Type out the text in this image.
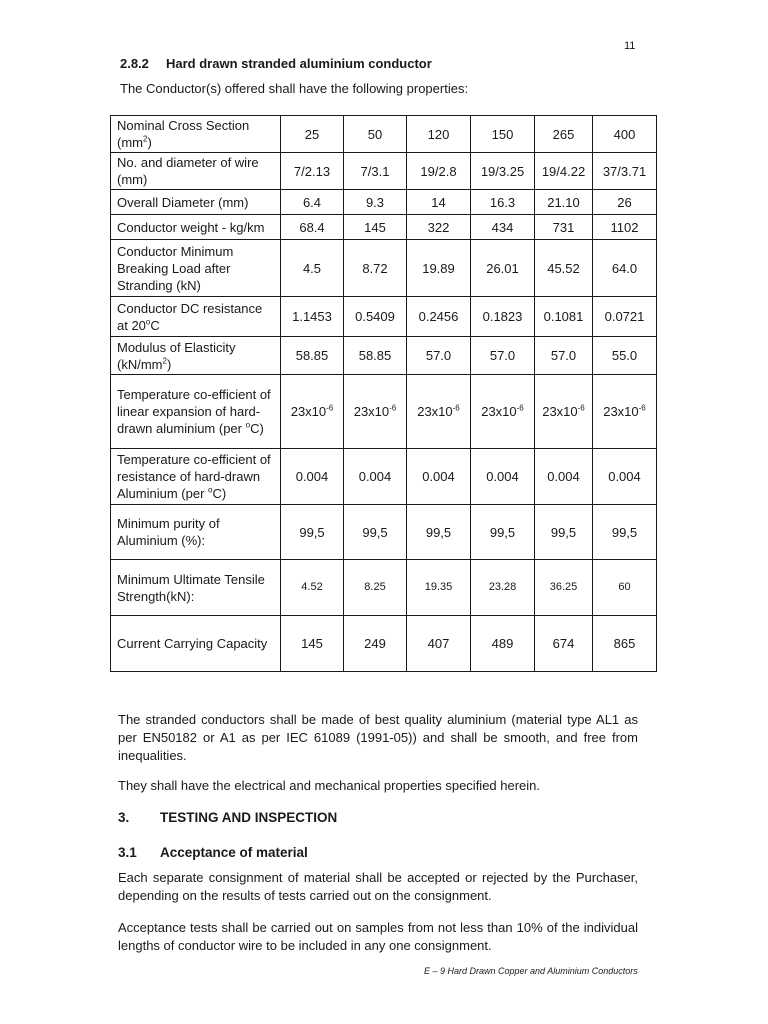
11
2.8.2 Hard drawn stranded aluminium conductor
The Conductor(s) offered shall have the following properties:
Nominal Cross Section $(mm^2)$	25	50	120	150	265	400
No. and diameter of wire (mm)	7/2.13	7/3.1	19/2.8	19/3.25	19/4.22	37/3.71
Overall Diameter (mm)	6.4	9.3	14	16.3	21.10	26
Conductor weight - kg/km	68.4	145	322	434	731	1102
Conductor Minimum Breaking Load after Stranding (kN)	4.5	8.72	19.89	26.01	45.52	64.0
Conductor DC resistance at 20$^o$C	1.1453	0.5409	0.2456	0.1823	0.1081	0.0721
Modulus of Elasticity $(kN/mm^2)$	58.85	58.85	57.0	57.0	57.0	55.0
Temperature co-efficient of linear expansion of hard-drawn aluminium (per $^o$C)	$23x10^{-6}$	$23x10^{-6}$	$23x10^{-6}$	$23x10^{-6}$	$23x10^{-6}$	$23x10^{-6}$
Temperature co-efficient of resistance of hard-drawn Aluminium (per $^o$C)	0.004	0.004	0.004	0.004	0.004	0.004
Minimum purity of Aluminium (%):	99,5	99,5	99,5	99,5	99,5	99,5
Minimum Ultimate Tensile Strength(kN):	4.52	8.25	19.35	23.28	36.25	60
Current Carrying Capacity	145	249	407	489	674	865
The stranded conductors shall be made of best quality aluminium (material type AL1 as per EN50182 or A1 as per IEC 61089 (1991-05)) and shall be smooth, and free from inequalities.
They shall have the electrical and mechanical properties specified herein.
3. TESTING AND INSPECTION
3.1 Acceptance of material
Each separate consignment of material shall be accepted or rejected by the Purchaser, depending on the results of tests carried out on the consignment.
Acceptance tests shall be carried out on samples from not less than 10% of the individual lengths of conductor wire to be included in any one consignment.
E – 9 Hard Drawn Copper and Aluminium Conductors
